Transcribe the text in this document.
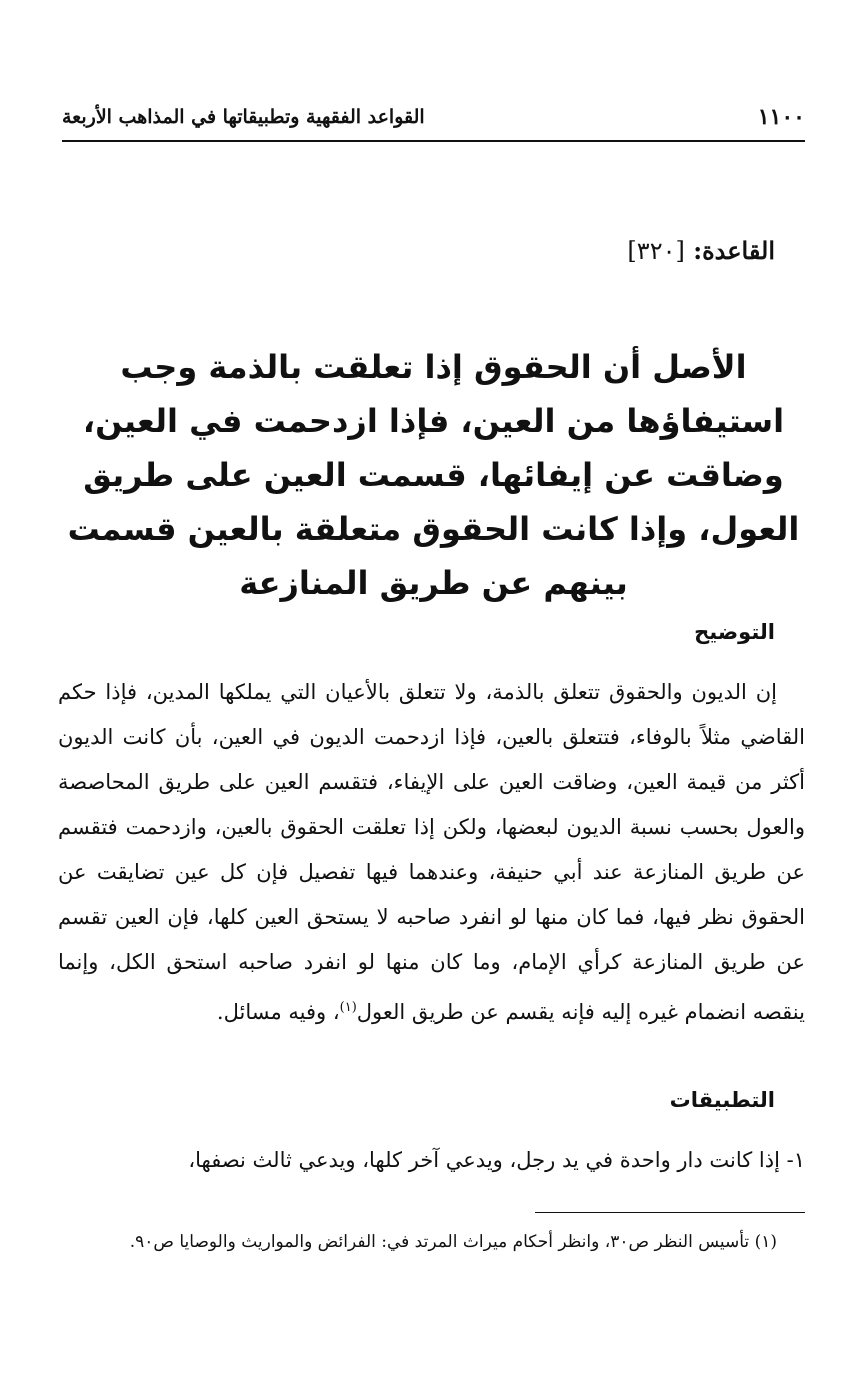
١١٠٠
القواعد الفقهية وتطبيقاتها في المذاهب الأربعة
القاعدة: [٣٢٠]

الأصل أن الحقوق إذا تعلقت بالذمة وجب استيفاؤها من العين، فإذا ازدحمت في العين، وضاقت عن إيفائها، قسمت العين على طريق العول، وإذا كانت الحقوق متعلقة بالعين قسمت بينهم عن طريق المنازعة

التوضيح

إن الديون والحقوق تتعلق بالذمة، ولا تتعلق بالأعيان التي يملكها المدين، فإذا حكم القاضي مثلاً بالوفاء، فتتعلق بالعين، فإذا ازدحمت الديون في العين، بأن كانت الديون أكثر من قيمة العين، وضاقت العين على الإيفاء، فتقسم العين على طريق المحاصصة والعول بحسب نسبة الديون لبعضها، ولكن إذا تعلقت الحقوق بالعين، وازدحمت فتقسم عن طريق المنازعة عند أبي حنيفة، وعندهما فيها تفصيل فإن كل عين تضايقت عن الحقوق نظر فيها، فما كان منها لو انفرد صاحبه لا يستحق العين كلها، فإن العين تقسم عن طريق المنازعة كرأي الإمام، وما كان منها لو انفرد صاحبه استحق الكل، وإنما ينقصه انضمام غيره إليه فإنه يقسم عن طريق العول$^{(١)}$، وفيه مسائل.

التطبيقات

١- إذا كانت دار واحدة في يد رجل، ويدعي آخر كلها، ويدعي ثالث نصفها،

(١) تأسيس النظر ص٣٠، وانظر أحكام ميراث المرتد في: الفرائض والمواريث والوصايا ص٩٠.
